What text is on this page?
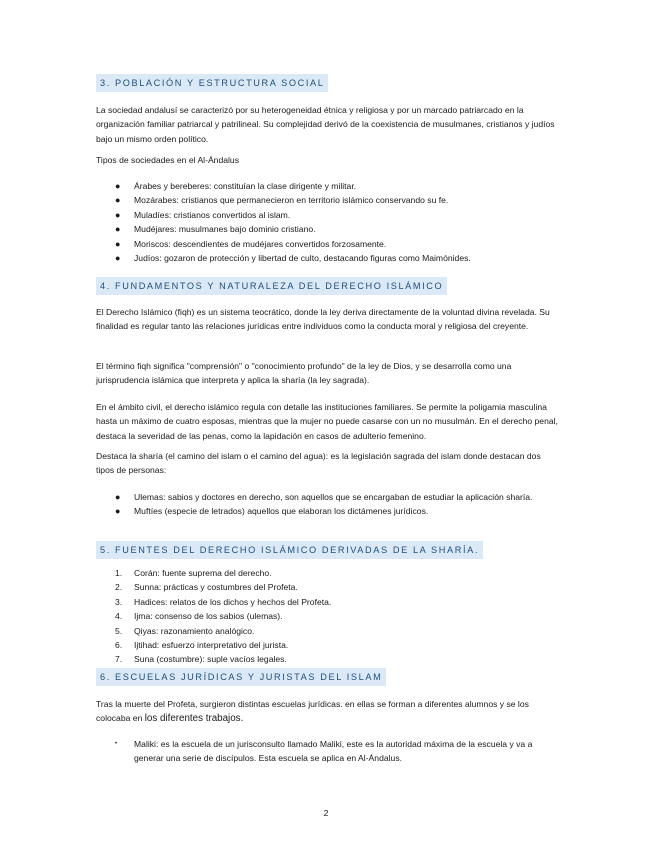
3. POBLACIÓN Y ESTRUCTURA SOCIAL

La sociedad andalusí se caracterizó por su heterogeneidad étnica y religiosa y por un marcado patriarcado en la organización familiar patriarcal y patrilineal. Su complejidad derivó de la coexistencia de musulmanes, cristianos y judíos bajo un mismo orden político.

Tipos de sociedades en el Al-Ándalus

● Árabes y bereberes: constituían la clase dirigente y militar.
● Mozárabes: cristianos que permanecieron en territorio islámico conservando su fe.
● Muladíes: cristianos convertidos al islam.
● Mudéjares: musulmanes bajo dominio cristiano.
● Moriscos: descendientes de mudéjares convertidos forzosamente.
● Judíos: gozaron de protección y libertad de culto, destacando figuras como Maimónides.
4. FUNDAMENTOS Y NATURALEZA DEL DERECHO ISLÁMICO

El Derecho Islámico (fiqh) es un sistema teocrático, donde la ley deriva directamente de la voluntad divina revelada. Su finalidad es regular tanto las relaciones jurídicas entre individuos como la conducta moral y religiosa del creyente.

El término fiqh significa "comprensión" o "conocimiento profundo" de la ley de Dios, y se desarrolla como una jurisprudencia islámica que interpreta y aplica la sharía (la ley sagrada).

En el ámbito civil, el derecho islámico regula con detalle las instituciones familiares. Se permite la poligamia masculina hasta un máximo de cuatro esposas, mientras que la mujer no puede casarse con un no musulmán. En el derecho penal, destaca la severidad de las penas, como la lapidación en casos de adulterio femenino.

Destaca la sharía (el camino del islam o el camino del agua): es la legislación sagrada del islam donde destacan dos tipos de personas:

● Ulemas: sabios y doctores en derecho, son aquellos que se encargaban de estudiar la aplicación sharía.
● Muftíes (especie de letrados) aquellos que elaboran los dictámenes jurídicos.
5. FUENTES DEL DERECHO ISLÁMICO DERIVADAS DE LA SHARÍA.
1. Corán: fuente suprema del derecho.
2. Sunna: prácticas y costumbres del Profeta.
3. Hadices: relatos de los dichos y hechos del Profeta.
4. Ijma: consenso de los sabios (ulemas).
5. Qiyas: razonamiento analógico.
6. Ijtihad: esfuerzo interpretativo del jurista.
7. Suna (costumbre): suple vacíos legales.
6. ESCUELAS JURÍDICAS Y JURISTAS DEL ISLAM

Tras la muerte del Profeta, surgieron distintas escuelas jurídicas. en ellas se forman a diferentes alumnos y se los colocaba en los diferentes trabajos.

• Maliki: es la escuela de un jurisconsulto llamado Maliki, este es la autoridad máxima de la escuela y va a generar una serie de discípulos. Esta escuela se aplica en Al-Ándalus.
2
